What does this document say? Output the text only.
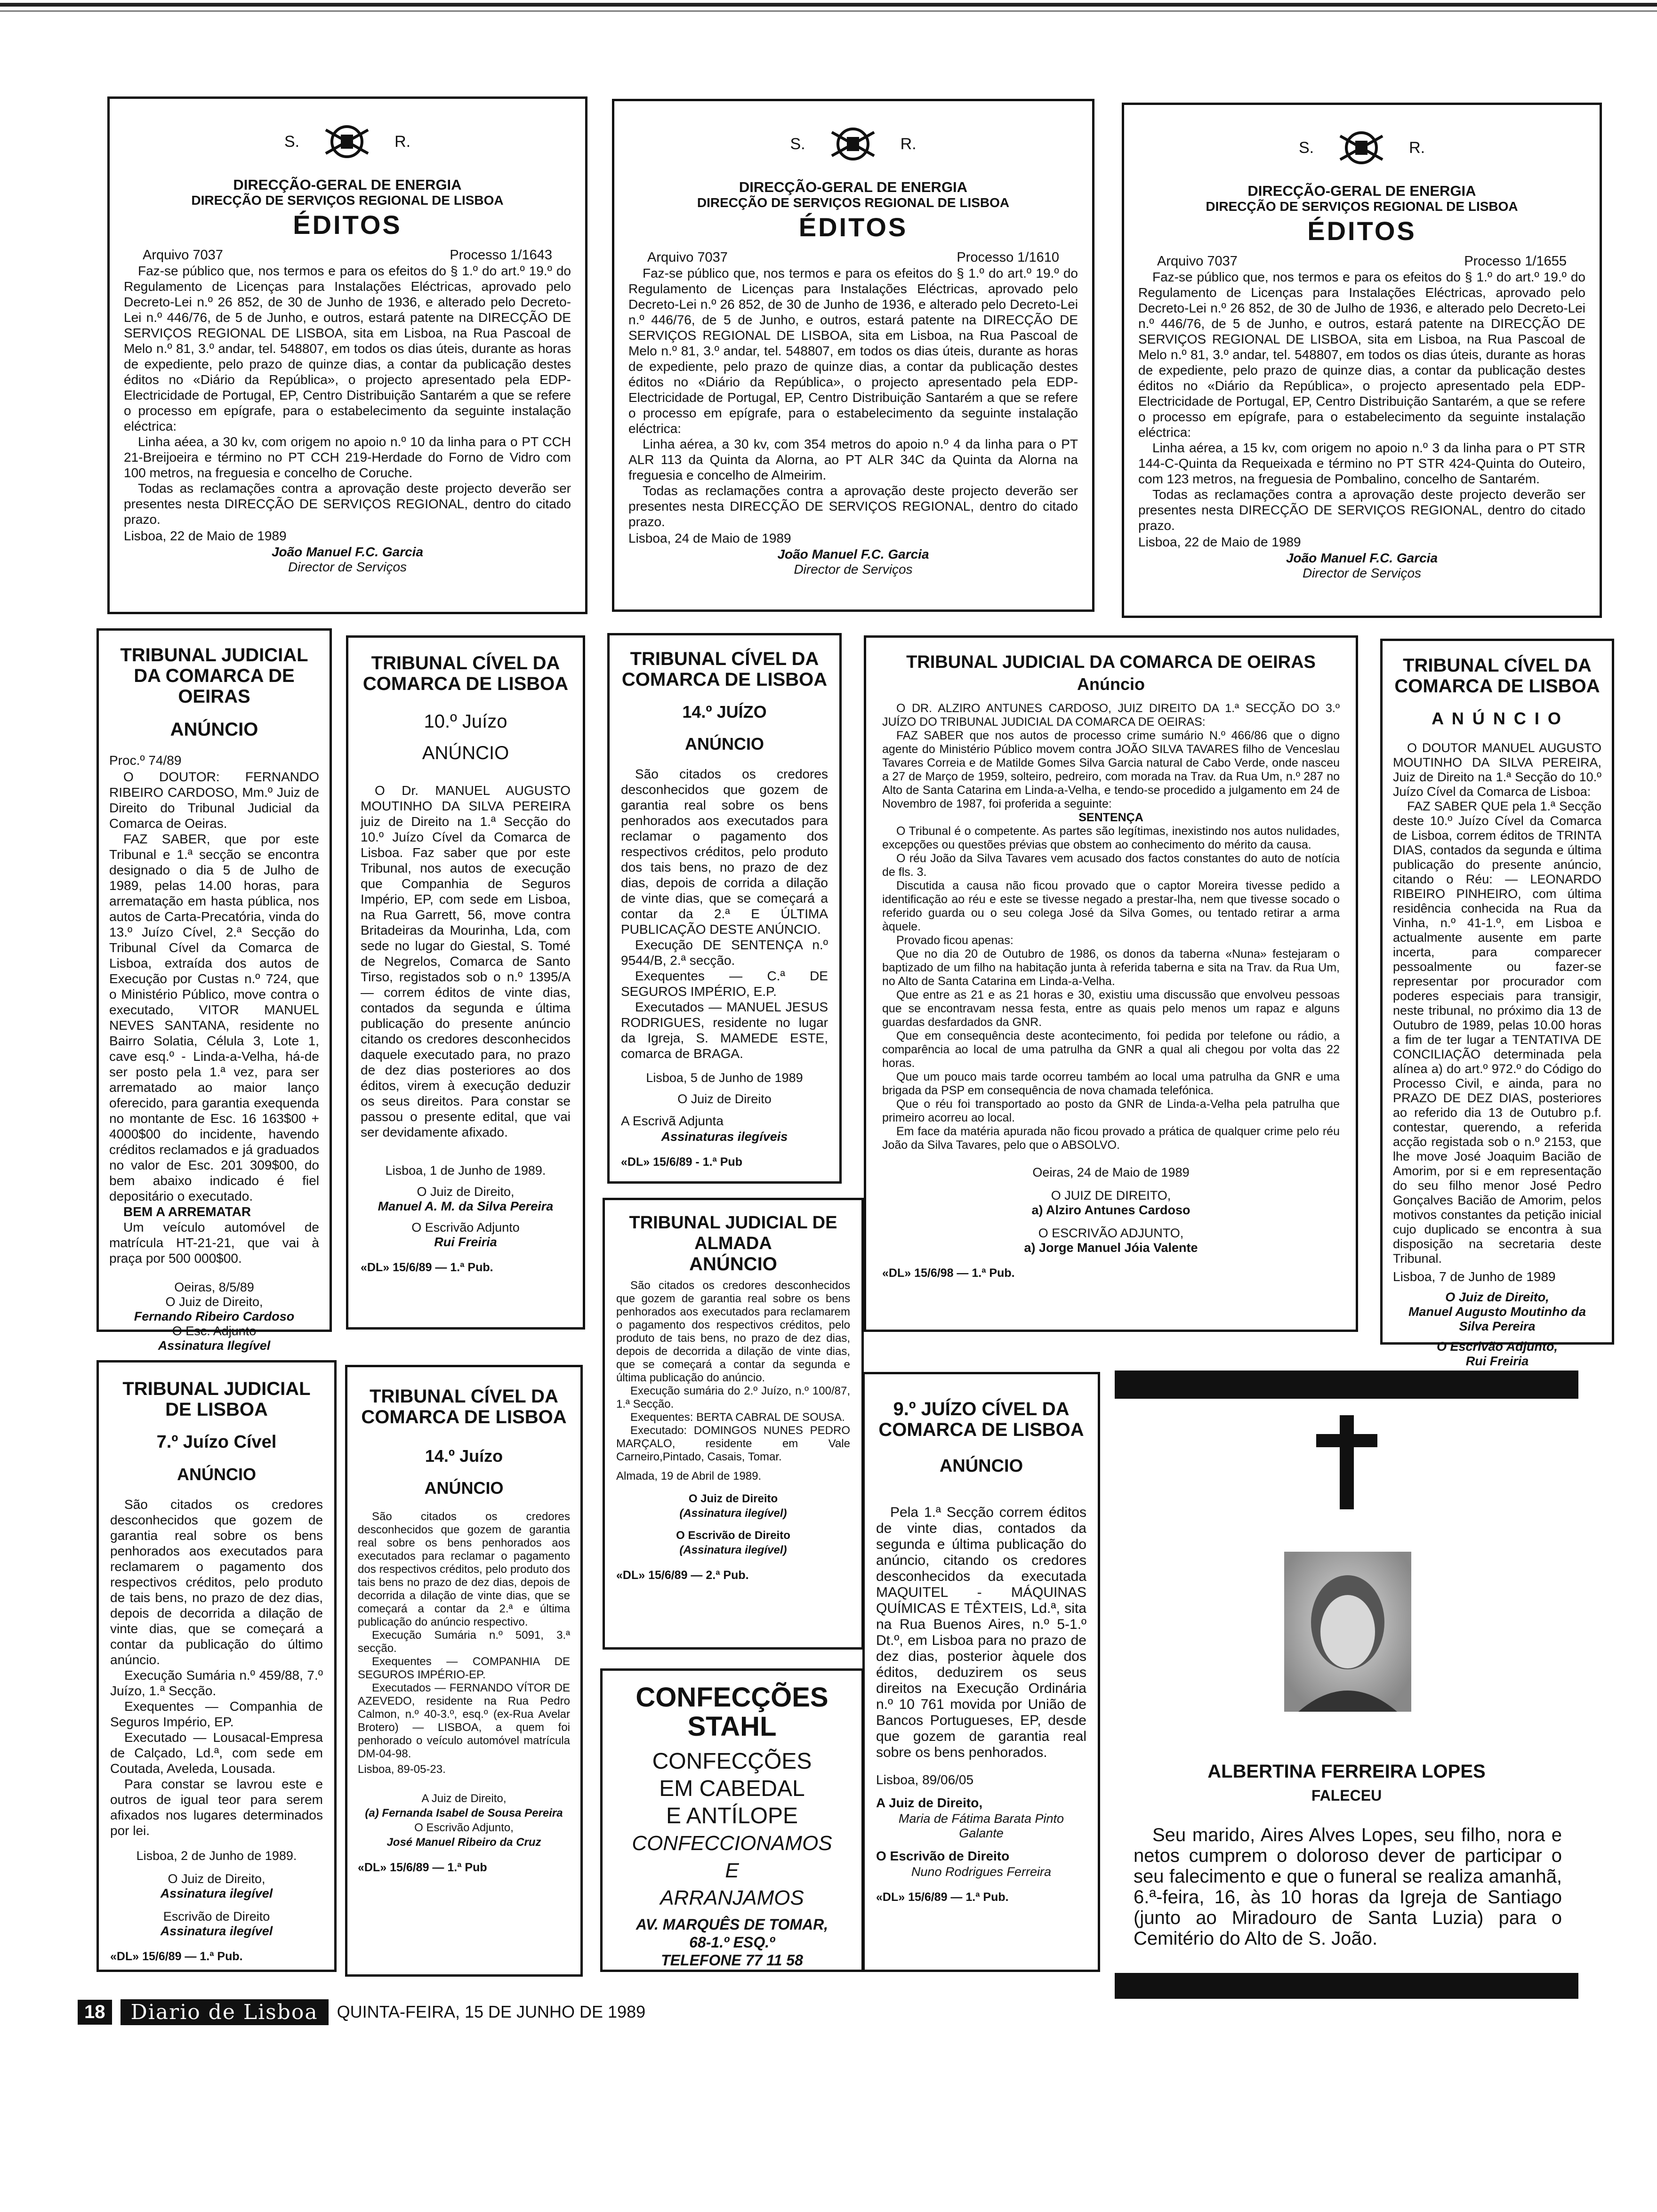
S.	R.
DIRECÇÃO-GERAL DE ENERGIA
DIRECÇÃO DE SERVIÇOS REGIONAL DE LISBOA
ÉDITOS
Arquivo 7037	Processo 1/1643

Faz-se público que, nos termos e para os efeitos do § 1.º do art.º 19.º do Regulamento de Licenças para Instalações Eléctricas, aprovado pelo Decreto-Lei n.º 26 852, de 30 de Junho de 1936, e alterado pelo Decreto-Lei n.º 446/76, de 5 de Junho, e outros, estará patente na DIRECÇÃO DE SERVIÇOS REGIONAL DE LISBOA, sita em Lisboa, na Rua Pascoal de Melo n.º 81, 3.º andar, tel. 548807, em todos os dias úteis, durante as horas de expediente, pelo prazo de quinze dias, a contar da publicação destes éditos no «Diário da República», o projecto apresentado pela EDP-Electricidade de Portugal, EP, Centro Distribuição Santarém a que se refere o processo em epígrafe, para o estabelecimento da seguinte instalação eléctrica:

Linha aéea, a 30 kv, com origem no apoio n.º 10 da linha para o PT CCH 21-Breijoeira e término no PT CCH 219-Herdade do Forno de Vidro com 100 metros, na freguesia e concelho de Coruche.

Todas as reclamações contra a aprovação deste projecto deverão ser presentes nesta DIRECÇÃO DE SERVIÇOS REGIONAL, dentro do citado prazo.

Lisboa, 22 de Maio de 1989
João Manuel F.C. Garcia
Director de Serviços
S.	R.
DIRECÇÃO-GERAL DE ENERGIA
DIRECÇÃO DE SERVIÇOS REGIONAL DE LISBOA
ÉDITOS
Arquivo 7037	Processo 1/1610

Faz-se público que, nos termos e para os efeitos do § 1.º do art.º 19.º do Regulamento de Licenças para Instalações Eléctricas, aprovado pelo Decreto-Lei n.º 26 852, de 30 de Junho de 1936, e alterado pelo Decreto-Lei n.º 446/76, de 5 de Junho, e outros, estará patente na DIRECÇÃO DE SERVIÇOS REGIONAL DE LISBOA, sita em Lisboa, na Rua Pascoal de Melo n.º 81, 3.º andar, tel. 548807, em todos os dias úteis, durante as horas de expediente, pelo prazo de quinze dias, a contar da publicação destes éditos no «Diário da República», o projecto apresentado pela EDP-Electricidade de Portugal, EP, Centro Distribuição Santarém a que se refere o processo em epígrafe, para o estabelecimento da seguinte instalação eléctrica:

Linha aérea, a 30 kv, com 354 metros do apoio n.º 4 da linha para o PT ALR 113 da Quinta da Alorna, ao PT ALR 34C da Quinta da Alorna na freguesia e concelho de Almeirim.

Todas as reclamações contra a aprovação deste projecto deverão ser presentes nesta DIRECÇÃO DE SERVIÇOS REGIONAL, dentro do citado prazo.

Lisboa, 24 de Maio de 1989
João Manuel F.C. Garcia
Director de Serviços
S.	R.
DIRECÇÃO-GERAL DE ENERGIA
DIRECÇÃO DE SERVIÇOS REGIONAL DE LISBOA
ÉDITOS
Arquivo 7037	Processo 1/1655

Faz-se público que, nos termos e para os efeitos do § 1.º do art.º 19.º do Regulamento de Licenças para Instalações Eléctricas, aprovado pelo Decreto-Lei n.º 26 852, de 30 de Julho de 1936, e alterado pelo Decreto-Lei n.º 446/76, de 5 de Junho, e outros, estará patente na DIRECÇÃO DE SERVIÇOS REGIONAL DE LISBOA, sita em Lisboa, na Rua Pascoal de Melo n.º 81, 3.º andar, tel. 548807, em todos os dias úteis, durante as horas de expediente, pelo prazo de quinze dias, a contar da publicação destes éditos no «Diário da República», o projecto apresentado pela EDP-Electricidade de Portugal, EP, Centro Distribuição Santarém, a que se refere o processo em epígrafe, para o estabelecimento da seguinte instalação eléctrica:

Linha aérea, a 15 kv, com origem no apoio n.º 3 da linha para o PT STR 144-C-Quinta da Requeixada e término no PT STR 424-Quinta do Outeiro, com 123 metros, na freguesia de Pombalino, concelho de Santarém.

Todas as reclamações contra a aprovação deste projecto deverão ser presentes nesta DIRECÇÃO DE SERVIÇOS REGIONAL, dentro do citado prazo.

Lisboa, 22 de Maio de 1989
João Manuel F.C. Garcia
Director de Serviços
TRIBUNAL JUDICIAL DA COMARCA DE OEIRAS
ANÚNCIO
Proc.º 74/89

O DOUTOR: FERNANDO RIBEIRO CARDOSO, Mm.º Juiz de Direito do Tribunal Judicial da Comarca de Oeiras.

FAZ SABER, que por este Tribunal e 1.ª secção se encontra designado o dia 5 de Julho de 1989, pelas 14.00 horas, para arrematação em hasta pública, nos autos de Carta-Precatória, vinda do 13.º Juízo Cível, 2.ª Secção do Tribunal Cível da Comarca de Lisboa, extraída dos autos de Execução por Custas n.º 724, que o Ministério Público, move contra o executado, VITOR MANUEL NEVES SANTANA, residente no Bairro Solatia, Célula 3, Lote 1, cave esq.º - Linda-a-Velha, há-de ser posto pela 1.ª vez, para ser arrematado ao maior lanço oferecido, para garantia exequenda no montante de Esc. 16 163$00 + 4000$00 do incidente, havendo créditos reclamados e já graduados no valor de Esc. 201 309$00, do bem abaixo indicado é fiel depositário o executado.

BEM A ARREMATAR

Um veículo automóvel de matrícula HT-21-21, que vai à praça por 500 000$00.

Oeiras, 8/5/89
O Juiz de Direito,
Fernando Ribeiro Cardoso
O Esc. Adjunto
Assinatura Ilegível
TRIBUNAL CÍVEL DA COMARCA DE LISBOA
10.º Juízo
ANÚNCIO

O Dr. MANUEL AUGUSTO MOUTINHO DA SILVA PEREIRA juiz de Direito na 1.ª Secção do 10.º Juízo Cível da Comarca de Lisboa. Faz saber que por este Tribunal, nos autos de execução que Companhia de Seguros Império, EP, com sede em Lisboa, na Rua Garrett, 56, move contra Britadeiras da Mourinha, Lda, com sede no lugar do Giestal, S. Tomé de Negrelos, Comarca de Santo Tirso, registados sob o n.º 1395/A — correm éditos de vinte dias, contados da segunda e última publicação do presente anúncio citando os credores desconhecidos daquele executado para, no prazo de dez dias posteriores ao dos éditos, virem à execução deduzir os seus direitos. Para constar se passou o presente edital, que vai ser devidamente afixado.

Lisboa, 1 de Junho de 1989.
O Juiz de Direito,
Manuel A. M. da Silva Pereira
O Escrivão Adjunto
Rui Freiria
«DL» 15/6/89 — 1.ª Pub.
TRIBUNAL CÍVEL DA COMARCA DE LISBOA
14.º JUÍZO
ANÚNCIO

São citados os credores desconhecidos que gozem de garantia real sobre os bens penhorados aos executados para reclamar o pagamento dos respectivos créditos, pelo produto dos tais bens, no prazo de dez dias, depois de corrida a dilação de vinte dias, que se começará a contar da 2.ª E ÚLTIMA PUBLICAÇÃO DESTE ANÚNCIO.

Execução DE SENTENÇA n.º 9544/B, 2.ª secção.

Exequentes — C.ª DE SEGUROS IMPÉRIO, E.P.

Executados — MANUEL JESUS RODRIGUES, residente no lugar da Igreja, S. MAMEDE ESTE, comarca de BRAGA.

Lisboa, 5 de Junho de 1989
O Juiz de Direito
A Escrivã Adjunta
Assinaturas ilegíveis
«DL» 15/6/89 - 1.ª Pub
TRIBUNAL JUDICIAL DA COMARCA DE OEIRAS
Anúncio

O DR. ALZIRO ANTUNES CARDOSO, JUIZ DIREITO DA 1.ª SECÇÃO DO 3.º JUÍZO DO TRIBUNAL JUDICIAL DA COMARCA DE OEIRAS:

FAZ SABER que nos autos de processo crime sumário N.º 466/86 que o digno agente do Ministério Público movem contra JOÃO SILVA TAVARES filho de Venceslau Tavares Correia e de Matilde Gomes Silva Garcia natural de Cabo Verde, onde nasceu a 27 de Março de 1959, solteiro, pedreiro, com morada na Trav. da Rua Um, n.º 287 no Alto de Santa Catarina em Linda-a-Velha, e tendo-se procedido a julgamento em 24 de Novembro de 1987, foi proferida a seguinte:

SENTENÇA

O Tribunal é o competente. As partes são legítimas, inexistindo nos autos nulidades, excepções ou questões prévias que obstem ao conhecimento do mérito da causa.

O réu João da Silva Tavares vem acusado dos factos constantes do auto de notícia de fls. 3.

Discutida a causa não ficou provado que o captor Moreira tivesse pedido a identificação ao réu e este se tivesse negado a prestar-lha, nem que tivesse socado o referido guarda ou o seu colega José da Silva Gomes, ou tentado retirar a arma àquele.

Provado ficou apenas:

Que no dia 20 de Outubro de 1986, os donos da taberna «Nuna» festejaram o baptizado de um filho na habitação junta à referida taberna e sita na Trav. da Rua Um, no Alto de Santa Catarina em Linda-a-Velha.

Que entre as 21 e as 21 horas e 30, existiu uma discussão que envolveu pessoas que se encontravam nessa festa, entre as quais pelo menos um rapaz e alguns guardas desfardados da GNR.

Que em consequência deste acontecimento, foi pedida por telefone ou rádio, a comparência ao local de uma patrulha da GNR a qual ali chegou por volta das 22 horas.

Que um pouco mais tarde ocorreu também ao local uma patrulha da GNR e uma brigada da PSP em consequência de nova chamada telefónica.

Que o réu foi transportado ao posto da GNR de Linda-a-Velha pela patrulha que primeiro acorreu ao local.

Em face da matéria apurada não ficou provado a prática de qualquer crime pelo réu João da Silva Tavares, pelo que o ABSOLVO.

Oeiras, 24 de Maio de 1989
O JUIZ DE DIREITO,
a) Alziro Antunes Cardoso
O ESCRIVÃO ADJUNTO,
a) Jorge Manuel Jóia Valente
«DL» 15/6/98 — 1.ª Pub.
TRIBUNAL CÍVEL DA COMARCA DE LISBOA
A N Ú N C I O

O DOUTOR MANUEL AUGUSTO MOUTINHO DA SILVA PEREIRA, Juiz de Direito na 1.ª Secção do 10.º Juízo Cível da Comarca de Lisboa:

FAZ SABER QUE pela 1.ª Secção deste 10.º Juízo Cível da Comarca de Lisboa, correm éditos de TRINTA DIAS, contados da segunda e última publicação do presente anúncio, citando o Réu: — LEONARDO RIBEIRO PINHEIRO, com última residência conhecida na Rua da Vinha, n.º 41-1.º, em Lisboa e actualmente ausente em parte incerta, para comparecer pessoalmente ou fazer-se representar por procurador com poderes especiais para transigir, neste tribunal, no próximo dia 13 de Outubro de 1989, pelas 10.00 horas a fim de ter lugar a TENTATIVA DE CONCILIAÇÃO determinada pela alínea a) do art.º 972.º do Código do Processo Civil, e ainda, para no PRAZO DE DEZ DIAS, posteriores ao referido dia 13 de Outubro p.f. contestar, querendo, a referida acção registada sob o n.º 2153, que lhe move José Joaquim Bacião de Amorim, por si e em representação do seu filho menor José Pedro Gonçalves Bacião de Amorim, pelos motivos constantes da petição inicial cujo duplicado se encontra à sua disposição na secretaria deste Tribunal.

Lisboa, 7 de Junho de 1989
O Juiz de Direito,
Manuel Augusto Moutinho da Silva Pereira
O Escrivão Adjunto,
Rui Freiria
TRIBUNAL JUDICIAL DE LISBOA
7.º Juízo Cível
ANÚNCIO

São citados os credores desconhecidos que gozem de garantia real sobre os bens penhorados aos executados para reclamarem o pagamento dos respectivos créditos, pelo produto de tais bens, no prazo de dez dias, depois de decorrida a dilação de vinte dias, que se começará a contar da publicação do último anúncio.

Execução Sumária n.º 459/88, 7.º Juízo, 1.ª Secção.

Exequentes — Companhia de Seguros Império, EP.

Executado — Lousacal-Empresa de Calçado, Ld.ª, com sede em Coutada, Aveleda, Lousada.

Para constar se lavrou este e outros de igual teor para serem afixados nos lugares determinados por lei.

Lisboa, 2 de Junho de 1989.
O Juiz de Direito,
Assinatura ilegível
Escrivão de Direito
Assinatura ilegível
«DL» 15/6/89 — 1.ª Pub.
TRIBUNAL CÍVEL DA COMARCA DE LISBOA
14.º Juízo
ANÚNCIO

São citados os credores desconhecidos que gozem de garantia real sobre os bens penhorados aos executados para reclamar o pagamento dos respectivos créditos, pelo produto dos tais bens no prazo de dez dias, depois de decorrida a dilação de vinte dias, que se começará a contar da 2.ª e última publicação do anúncio respectivo.

Execução Sumária n.º 5091, 3.ª secção.

Exequentes — COMPANHIA DE SEGUROS IMPÉRIO-EP.

Executados — FERNANDO VÍTOR DE AZEVEDO, residente na Rua Pedro Calmon, n.º 40-3.º, esq.º (ex-Rua Avelar Brotero) — LISBOA, a quem foi penhorado o veículo automóvel matrícula DM-04-98.

Lisboa, 89-05-23.
A Juiz de Direito,
(a) Fernanda Isabel de Sousa Pereira
O Escrivão Adjunto,
José Manuel Ribeiro da Cruz
«DL» 15/6/89 — 1.ª Pub
TRIBUNAL JUDICIAL DE ALMADA
ANÚNCIO

São citados os credores desconhecidos que gozem de garantia real sobre os bens penhorados aos executados para reclamarem o pagamento dos respectivos créditos, pelo produto de tais bens, no prazo de dez dias, depois de decorrida a dilação de vinte dias, que se começará a contar da segunda e última publicação do anúncio.

Execução sumária do 2.º Juízo, n.º 100/87, 1.ª Secção.

Exequentes: BERTA CABRAL DE SOUSA.

Executado: DOMINGOS NUNES PEDRO MARÇALO, residente em Vale Carneiro,Pintado, Casais, Tomar.

Almada, 19 de Abril de 1989.
O Juiz de Direito
(Assinatura ilegível)
O Escrivão de Direito
(Assinatura ilegível)
«DL» 15/6/89 — 2.ª Pub.
CONFECÇÕES
STAHL
CONFECÇÕES
EM CABEDAL
E ANTÍLOPE
CONFECCIONAMOS
E
ARRANJAMOS
AV. MARQUÊS DE TOMAR,
68-1.º ESQ.º
TELEFONE 77 11 58
9.º JUÍZO CÍVEL DA COMARCA DE LISBOA
ANÚNCIO

Pela 1.ª Secção correm éditos de vinte dias, contados da segunda e última publicação do anúncio, citando os credores desconhecidos da executada MAQUITEL - MÁQUINAS QUÍMICAS E TÊXTEIS, Ld.ª, sita na Rua Buenos Aires, n.º 5-1.º Dt.º, em Lisboa para no prazo de dez dias, posterior àquele dos éditos, deduzirem os seus direitos na Execução Ordinária n.º 10 761 movida por União de Bancos Portugueses, EP, desde que gozem de garantia real sobre os bens penhorados.

Lisboa, 89/06/05
A Juiz de Direito,
Maria de Fátima Barata Pinto Galante
O Escrivão de Direito
Nuno Rodrigues Ferreira
«DL» 15/6/89 — 1.ª Pub.
ALBERTINA FERREIRA LOPES
FALECEU
Seu marido, Aires Alves Lopes, seu filho, nora e netos cumprem o doloroso dever de participar o seu falecimento e que o funeral se realiza amanhã, 6.ª-feira, 16, às 10 horas da Igreja de Santiago (junto ao Miradouro de Santa Luzia) para o Cemitério do Alto de S. João.
18	Diario de Lisboa	QUINTA-FEIRA, 15 DE JUNHO DE 1989
